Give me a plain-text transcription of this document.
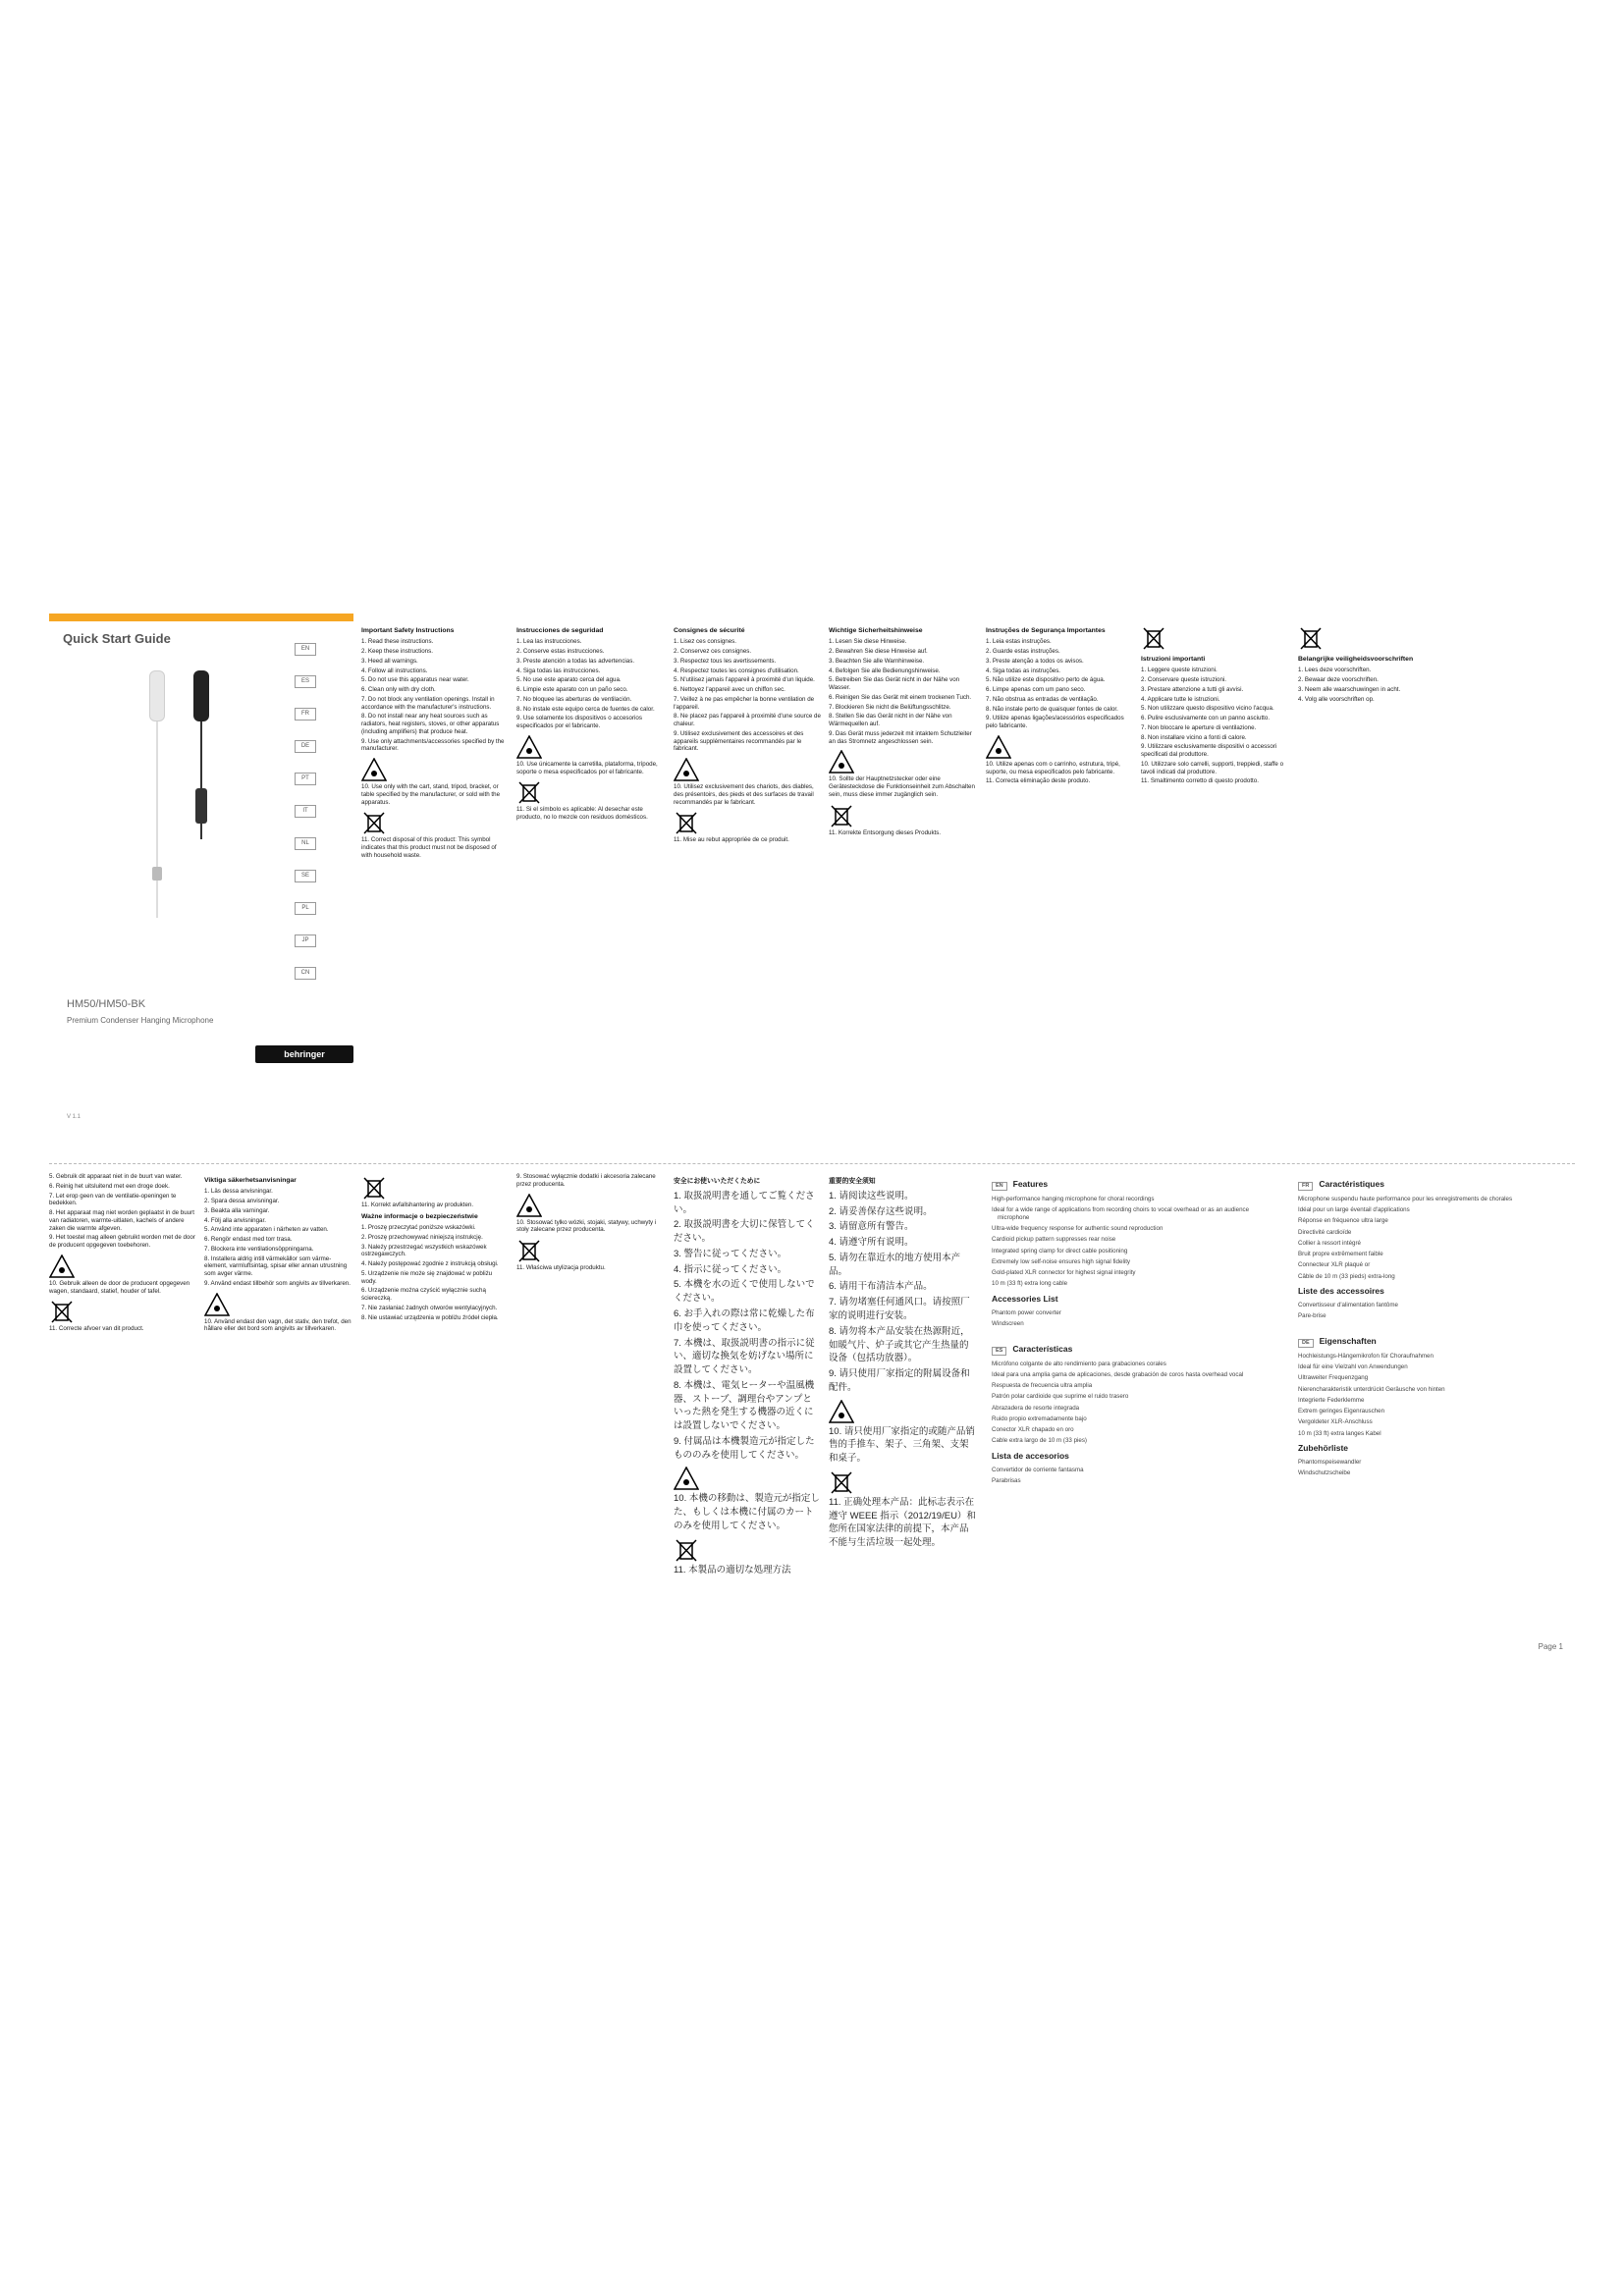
Quick Start Guide
EN
ES
FR
DE
PT
IT
NL
SE
PL
JP
CN
HM50/HM50-BK
Premium Condenser Hanging Microphone
behringer
V 1.1
Important Safety Instructions
1. Read these instructions.
2. Keep these instructions.
3. Heed all warnings.
4. Follow all instructions.
5. Do not use this apparatus near water.
6. Clean only with dry cloth.
7. Do not block any ventilation openings. Install in accordance with the manufacturer's instructions.
8. Do not install near any heat sources such as radiators, heat registers, stoves, or other apparatus (including amplifiers) that produce heat.
9. Use only attachments/accessories specified by the manufacturer.
10. Use only with the cart, stand, tripod, bracket, or table specified by the manufacturer, or sold with the apparatus.
11. Correct disposal of this product: This symbol indicates that this product must not be disposed of with household waste.
Instrucciones de seguridad
1. Lea las instrucciones.
2. Conserve estas instrucciones.
3. Preste atención a todas las advertencias.
4. Siga todas las instrucciones.
5. No use este aparato cerca del agua.
6. Limpie este aparato con un paño seco.
7. No bloquee las aberturas de ventilación.
8. No instale este equipo cerca de fuentes de calor.
9. Use solamente los dispositivos o accesorios especificados por el fabricante.
10. Use únicamente la carretilla, plataforma, trípode, soporte o mesa especificados por el fabricante.
11. Si el símbolo es aplicable: Al desechar este producto, no lo mezcle con residuos domésticos.
Consignes de sécurité
1. Lisez ces consignes.
2. Conservez ces consignes.
3. Respectez tous les avertissements.
4. Respectez toutes les consignes d'utilisation.
5. N'utilisez jamais l'appareil à proximité d'un liquide.
6. Nettoyez l'appareil avec un chiffon sec.
7. Veillez à ne pas empêcher la bonne ventilation de l'appareil.
8. Ne placez pas l'appareil à proximité d'une source de chaleur.
9. Utilisez exclusivement des accessoires et des appareils supplémentaires recommandés par le fabricant.
10. Utilisez exclusivement des chariots, des diables, des présentoirs, des pieds et des surfaces de travail recommandés par le fabricant.
11. Mise au rebut appropriée de ce produit.
Wichtige Sicherheitshinweise
1. Lesen Sie diese Hinweise.
2. Bewahren Sie diese Hinweise auf.
3. Beachten Sie alle Warnhinweise.
4. Befolgen Sie alle Bedienungshinweise.
5. Betreiben Sie das Gerät nicht in der Nähe von Wasser.
6. Reinigen Sie das Gerät mit einem trockenen Tuch.
7. Blockieren Sie nicht die Belüftungsschlitze.
8. Stellen Sie das Gerät nicht in der Nähe von Wärmequellen auf.
9. Das Gerät muss jederzeit mit intaktem Schutzleiter an das Stromnetz angeschlossen sein.
10. Sollte der Hauptnetzstecker oder eine Gerätesteckdose die Funktionseinheit zum Abschalten sein, muss diese immer zugänglich sein.
11. Korrekte Entsorgung dieses Produkts.
Instruções de Segurança Importantes
1. Leia estas instruções.
2. Guarde estas instruções.
3. Preste atenção a todos os avisos.
4. Siga todas as instruções.
5. Não utilize este dispositivo perto de água.
6. Limpe apenas com um pano seco.
7. Não obstrua as entradas de ventilação.
8. Não instale perto de quaisquer fontes de calor.
9. Utilize apenas ligações/acessórios especificados pelo fabricante.
10. Utilize apenas com o carrinho, estrutura, tripé, suporte, ou mesa especificados pelo fabricante.
11. Correcta eliminação deste produto.
Istruzioni importanti
1. Leggere queste istruzioni.
2. Conservare queste istruzioni.
3. Prestare attenzione a tutti gli avvisi.
4. Applicare tutte le istruzioni.
5. Non utilizzare questo dispositivo vicino l'acqua.
6. Pulire esclusivamente con un panno asciutto.
7. Non bloccare le aperture di ventilazione.
8. Non installare vicino a fonti di calore.
9. Utilizzare esclusivamente dispositivi o accessori specificati dal produttore.
10. Utilizzare solo carrelli, supporti, treppiedi, staffe o tavoli indicati dal produttore.
11. Smaltimento corretto di questo prodotto.
Belangrijke veiligheidsvoorschriften
1. Lees deze voorschriften.
2. Bewaar deze voorschriften.
3. Neem alle waarschuwingen in acht.
4. Volg alle voorschriften op.
5. Gebruik dit apparaat niet in de buurt van water.
6. Reinig het uitsluitend met een droge doek.
7. Let erop geen van de ventilatie-openingen te bedekken.
8. Het apparaat mag niet worden geplaatst in de buurt van radiatoren, warmte-uitlaten, kachels of andere zaken die warmte afgeven.
9. Het toestel mag alleen gebruikt worden met de door de producent opgegeven toebehoren.
10. Gebruik alleen de door de producent opgegeven wagen, standaard, statief, houder of tafel.
11. Correcte afvoer van dit product.
Viktiga säkerhetsanvisningar
1. Läs dessa anvisningar.
2. Spara dessa anvisningar.
3. Beakta alla varningar.
4. Följ alla anvisningar.
5. Använd inte apparaten i närheten av vatten.
6. Rengör endast med torr trasa.
7. Blockera inte ventilationsöppningarna.
8. Installera aldrig intill värmekällor som värme-element, varmluftsintag, spisar eller annan utrustning som avger värme.
9. Använd endast tillbehör som angivits av tillverkaren.
10. Använd endast den vagn, det stativ, den trefot, den hållare eller det bord som angivits av tillverkaren.
11. Korrekt avfallshantering av produkten.
Ważne informacje o bezpieczeństwie
1. Proszę przeczytać poniższe wskazówki.
2. Proszę przechowywać niniejszą instrukcję.
3. Należy przestrzegać wszystkich wskazówek ostrzegawczych.
4. Należy postępować zgodnie z instrukcją obsługi.
5. Urządzenie nie może się znajdować w pobliżu wody.
6. Urządzenie można czyścić wyłącznie suchą ściereczką.
7. Nie zasłaniać żadnych otworów wentylacyjnych.
8. Nie ustawiać urządzenia w pobliżu źródeł ciepła.
9. Stosować wyłącznie dodatki i akcesoria zalecane przez producenta.
10. Stosować tylko wózki, stojaki, statywy, uchwyty i stoły zalecane przez producenta.
11. Właściwa utylizacja produktu.
安全にお使いいただくために
1. 取扱説明書を通してご覧ください。
2. 取扱説明書を大切に保管してください。
3. 警告に従ってください。
4. 指示に従ってください。
5. 本機を水の近くで使用しないでください。
6. お手入れの際は常に乾燥した布巾を使ってください。
7. 本機は、取扱説明書の指示に従い、適切な換気を妨げない場所に設置してください。
8. 本機は、電気ヒーターや温風機器、ストーブ、調理台やアンプといった熱を発生する機器の近くには設置しないでください。
9. 付属品は本機製造元が指定したもののみを使用してください。
10. 本機の移動は、製造元が指定した、もしくは本機に付属のカートのみを使用してください。
11. 本製品の適切な処理方法
重要的安全须知
1. 请阅读这些说明。
2. 请妥善保存这些说明。
3. 请留意所有警告。
4. 请遵守所有说明。
5. 请勿在靠近水的地方使用本产品。
6. 请用干布清洁本产品。
7. 请勿堵塞任何通风口。请按照厂家的说明进行安装。
8. 请勿将本产品安装在热源附近，如暖气片、炉子或其它产生热量的设备（包括功放器）。
9. 请只使用厂家指定的附属设备和配件。
10. 请只使用厂家指定的或随产品销售的手推车、架子、三角架、支架和桌子。
11. 正确处理本产品：此标志表示在遵守 WEEE 指示（2012/19/EU）和您所在国家法律的前提下，本产品不能与生活垃圾一起处理。
EN Features
High-performance hanging microphone for choral recordings
Ideal for a wide range of applications from recording choirs to vocal overhead or as an audience microphone
Ultra-wide frequency response for authentic sound reproduction
Cardioid pickup pattern suppresses rear noise
Integrated spring clamp for direct cable positioning
Extremely low self-noise ensures high signal fidelity
Gold-plated XLR connector for highest signal integrity
10 m (33 ft) extra long cable
Accessories List
Phantom power converter
Windscreen
ES Características
Micrófono colgante de alto rendimiento para grabaciones corales
Ideal para una amplia gama de aplicaciones, desde grabación de coros hasta overhead vocal
Respuesta de frecuencia ultra amplia
Patrón polar cardioide que suprime el ruido trasero
Abrazadera de resorte integrada
Ruido propio extremadamente bajo
Conector XLR chapado en oro
Cable extra largo de 10 m (33 pies)
Lista de accesorios
Convertidor de corriente fantasma
Parabrisas
FR Caractéristiques
Microphone suspendu haute performance pour les enregistrements de chorales
Idéal pour un large éventail d'applications
Réponse en fréquence ultra large
Directivité cardioïde
Collier à ressort intégré
Bruit propre extrêmement faible
Connecteur XLR plaqué or
Câble de 10 m (33 pieds) extra-long
Liste des accessoires
Convertisseur d'alimentation fantôme
Pare-brise
DE Eigenschaften
Hochleistungs-Hängemikrofon für Choraufnahmen
Ideal für eine Vielzahl von Anwendungen
Ultraweiter Frequenzgang
Nierencharakteristik unterdrückt Geräusche von hinten
Integrierte Federklemme
Extrem geringes Eigenrauschen
Vergoldeter XLR-Anschluss
10 m (33 ft) extra langes Kabel
Zubehörliste
Phantomspeisewandler
Windschutzscheibe
Page 1
